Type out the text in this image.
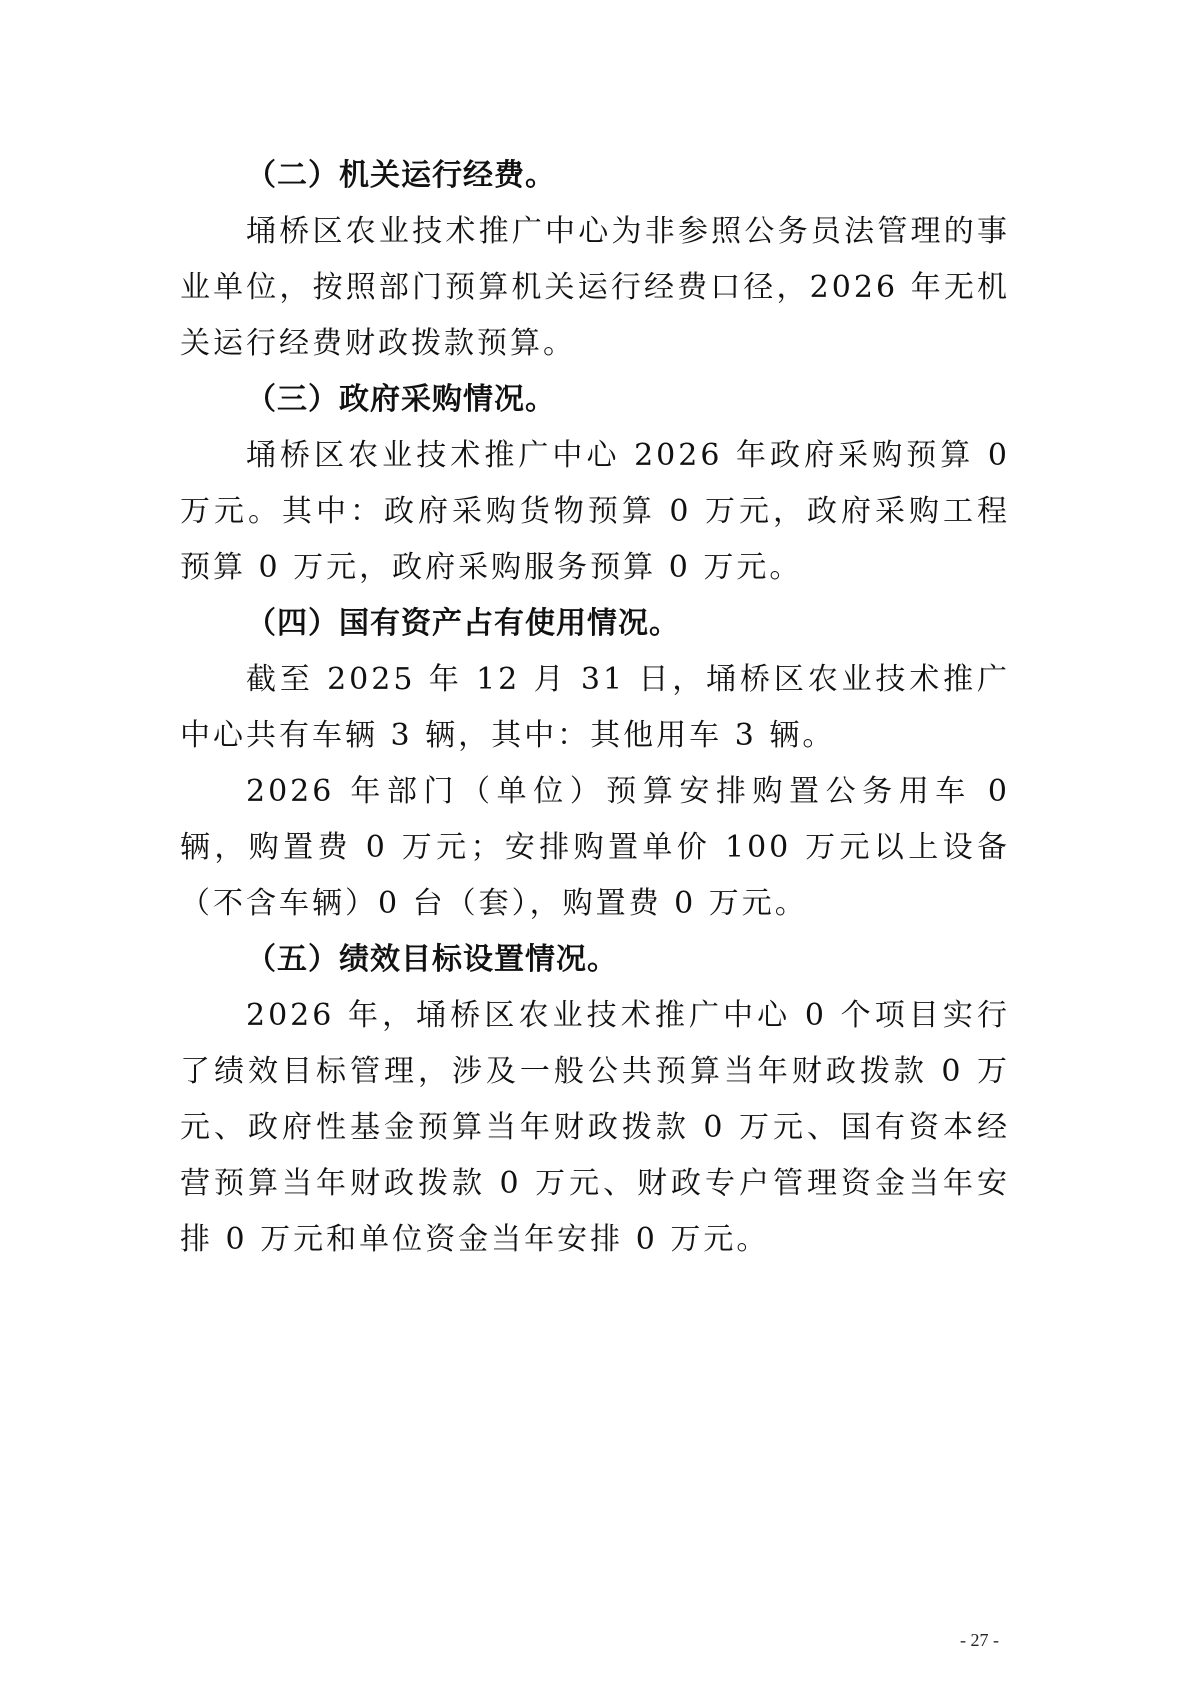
（二）机关运行经费。

埇桥区农业技术推广中心为非参照公务员法管理的事业单位，按照部门预算机关运行经费口径，2026 年无机关运行经费财政拨款预算。

（三）政府采购情况。

埇桥区农业技术推广中心 2026 年政府采购预算 0 万元。其中：政府采购货物预算 0 万元，政府采购工程预算 0 万元，政府采购服务预算 0 万元。

（四）国有资产占有使用情况。

截至 2025 年 12 月 31 日，埇桥区农业技术推广中心共有车辆 3 辆，其中：其他用车 3 辆。

2026 年部门（单位）预算安排购置公务用车 0 辆，购置费 0 万元；安排购置单价 100 万元以上设备（不含车辆）0 台（套），购置费 0 万元。

（五）绩效目标设置情况。

2026 年，埇桥区农业技术推广中心 0 个项目实行了绩效目标管理，涉及一般公共预算当年财政拨款 0 万元、政府性基金预算当年财政拨款 0 万元、国有资本经营预算当年财政拨款 0 万元、财政专户管理资金当年安排 0 万元和单位资金当年安排 0 万元。

- 27 -
